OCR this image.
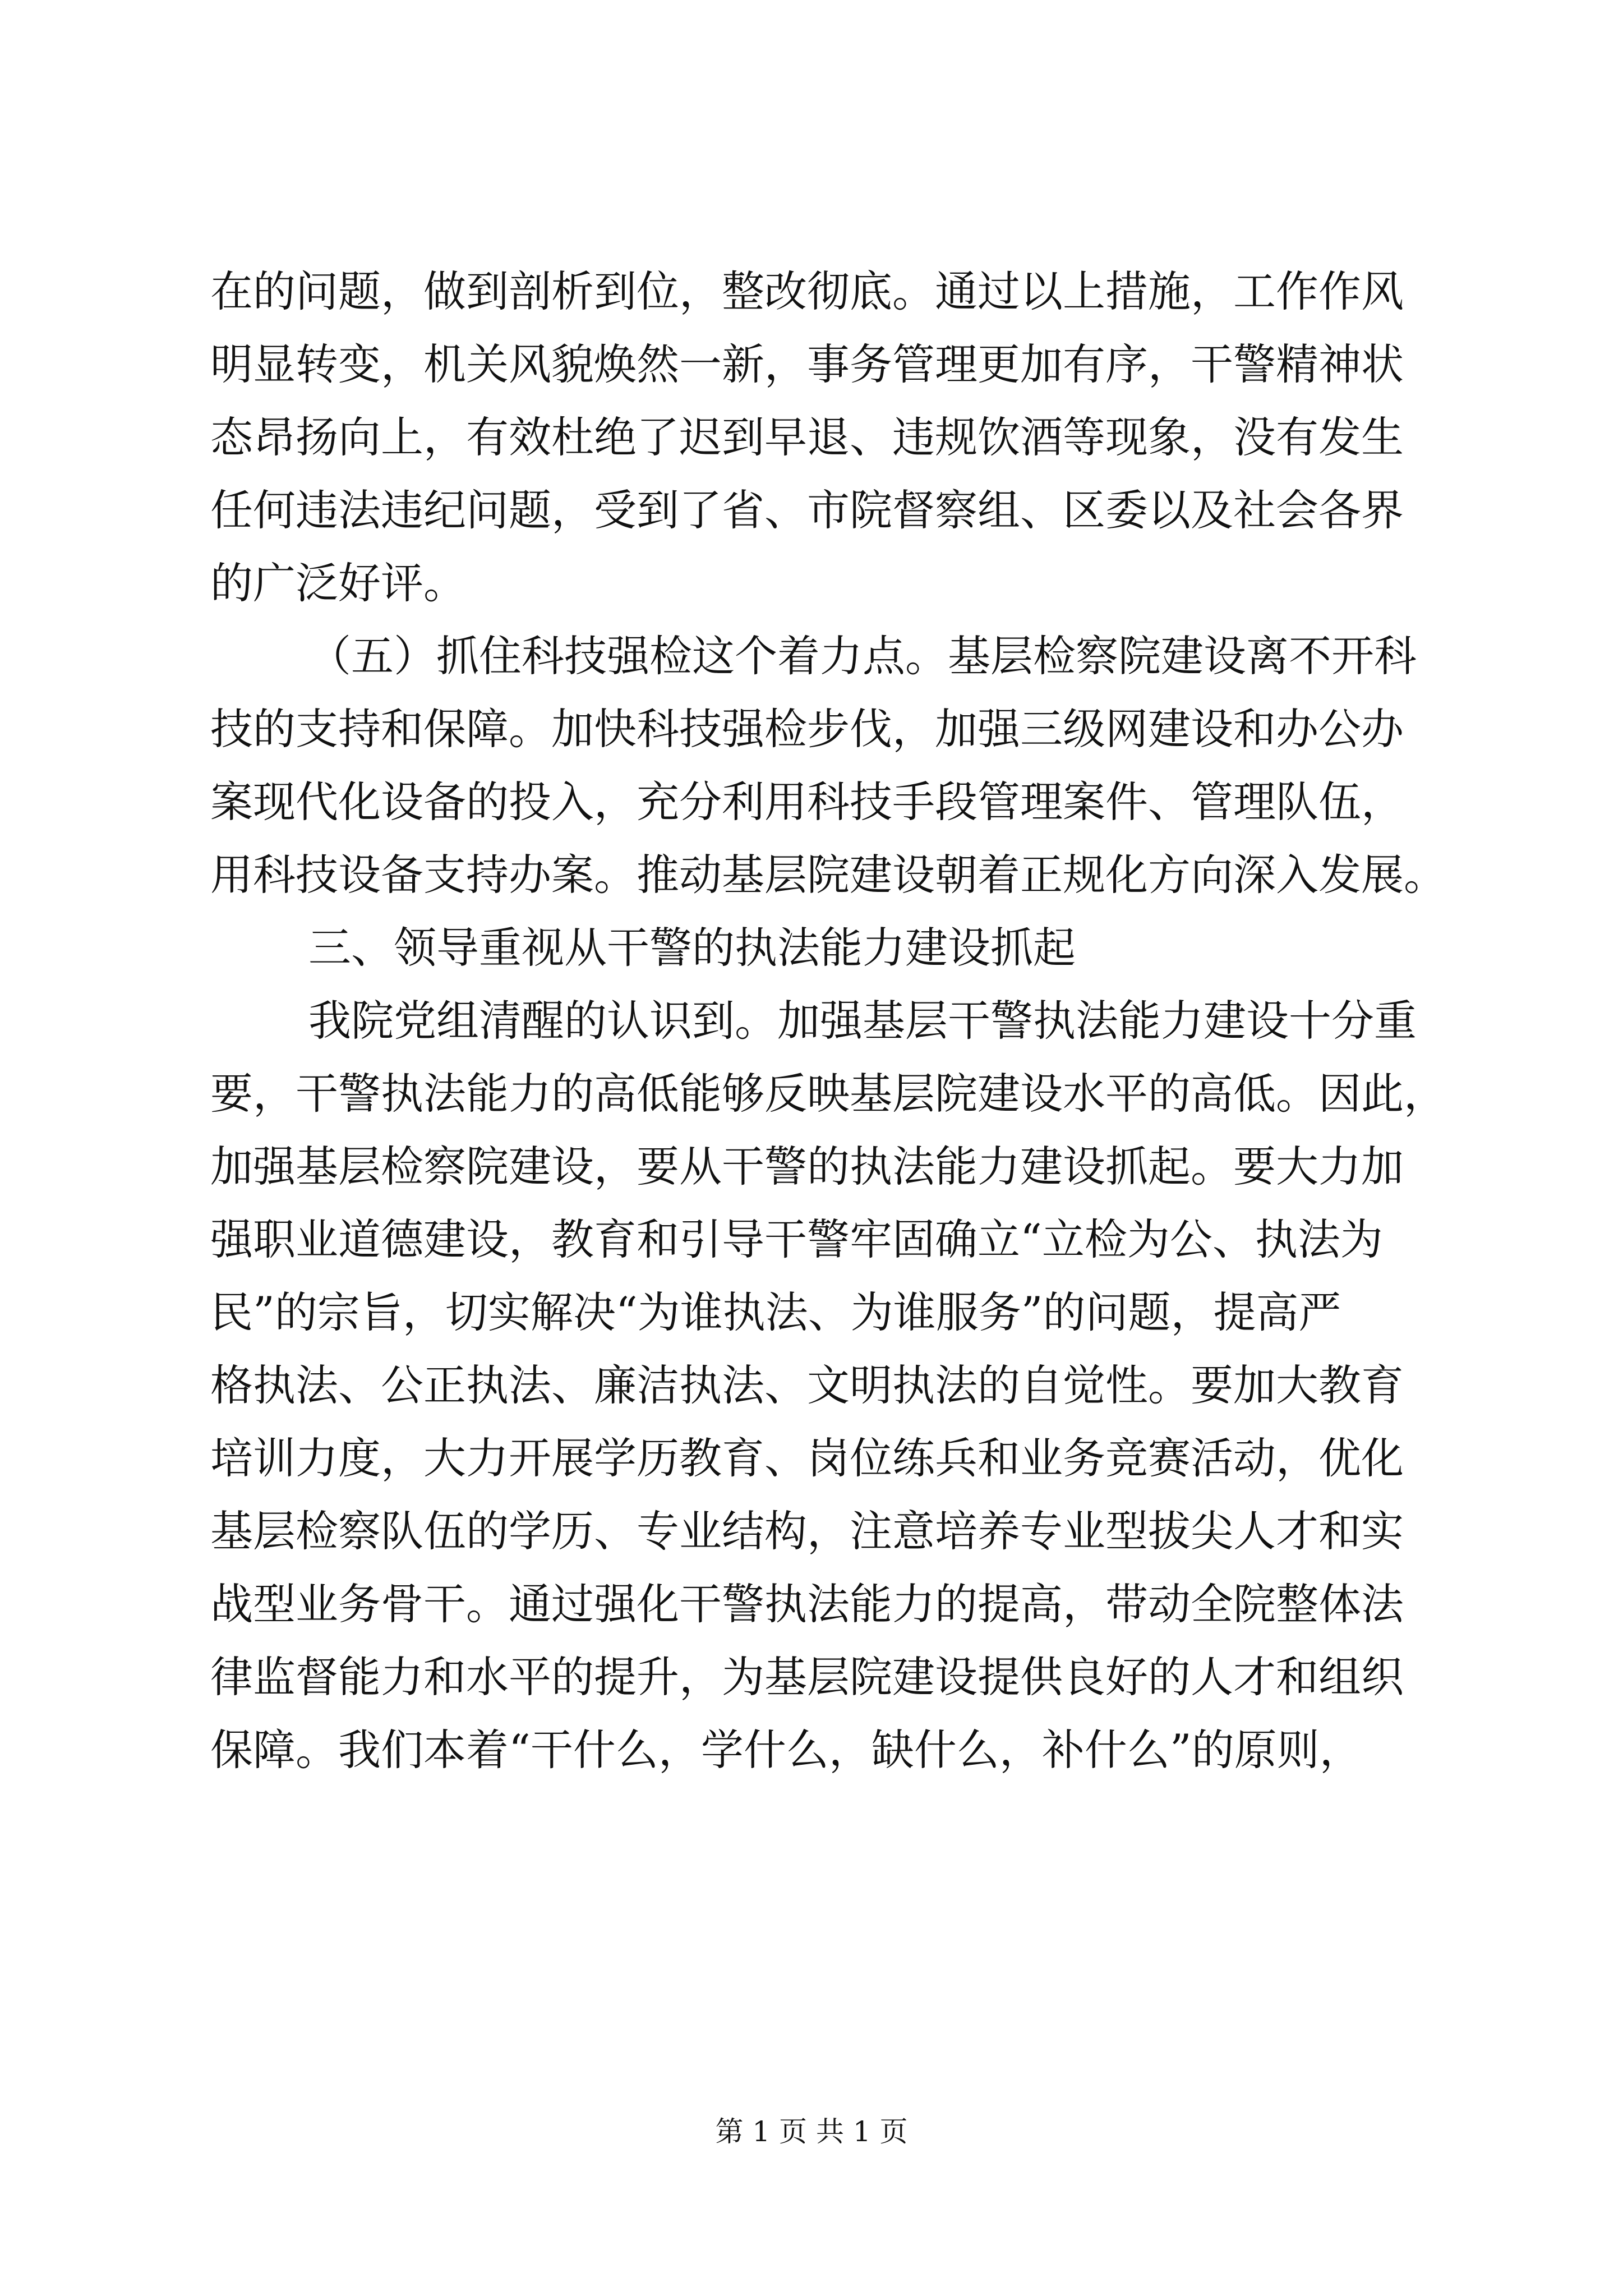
在的问题，做到剖析到位，整改彻底。通过以上措施，工作作风
明显转变，机关风貌焕然一新，事务管理更加有序，干警精神状
态昂扬向上，有效杜绝了迟到早退、违规饮酒等现象，没有发生
任何违法违纪问题，受到了省、市院督察组、区委以及社会各界
的广泛好评。
（五）抓住科技强检这个着力点。基层检察院建设离不开科
技的支持和保障。加快科技强检步伐，加强三级网建设和办公办
案现代化设备的投入，充分利用科技手段管理案件、管理队伍，
用科技设备支持办案。推动基层院建设朝着正规化方向深入发展。
三、领导重视从干警的执法能力建设抓起
我院党组清醒的认识到。加强基层干警执法能力建设十分重
要，干警执法能力的高低能够反映基层院建设水平的高低。因此，
加强基层检察院建设，要从干警的执法能力建设抓起。要大力加
强职业道德建设，教育和引导干警牢固确立“立检为公、执法为
民”的宗旨，切实解决“为谁执法、为谁服务”的问题，提高严
格执法、公正执法、廉洁执法、文明执法的自觉性。要加大教育
培训力度，大力开展学历教育、岗位练兵和业务竞赛活动，优化
基层检察队伍的学历、专业结构，注意培养专业型拔尖人才和实
战型业务骨干。通过强化干警执法能力的提高，带动全院整体法
律监督能力和水平的提升，为基层院建设提供良好的人才和组织
保障。我们本着“干什么，学什么，缺什么，补什么”的原则，
第 1 页 共 1 页
